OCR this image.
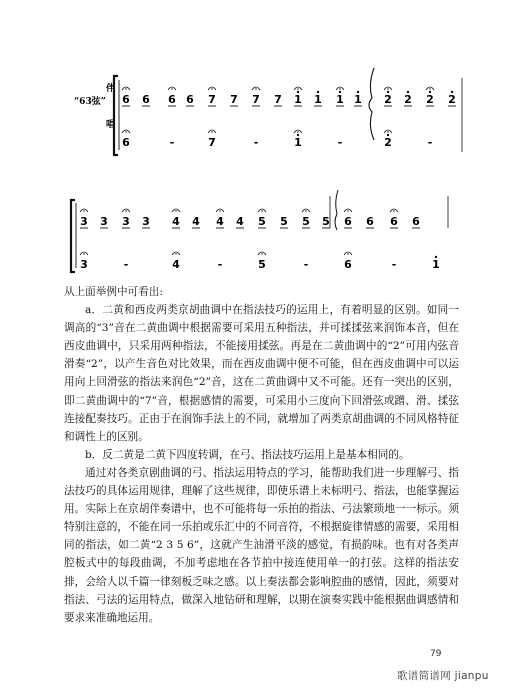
“63弦”
伴
唱
6 6 6 6 7 7 7 7 1 1 1 1 2 2 2 2
6	-	7	-	1	-	2	-
3 3 3 3 4 4 4 4 5 5 5 5 6 6 6 6
3	-	4	-	5	-	6	-	1

从上面举例中可看出:

a．二黄和西皮两类京胡曲调中在指法技巧的运用上，有着明显的区别。如同一调高的“3”音在二黄曲调中根据需要可采用五种指法，并可揉揉弦来润饰本音，但在西皮曲调中，只采用两种指法，不能接用揉弦。再是在二黄曲调中的“2”可用内弦音滑奏“2”，以产生音色对比效果，而在西皮曲调中便不可能，但在西皮曲调中可以运用向上回滑弦的指法来润色“2”音，这在二黄曲调中又不可能。还有一突出的区别，即二黄曲调中的“7”音，根据感情的需要，可采用小三度向下回滑弦或蹭、滑、揉弦连接配奏技巧。正由于在润饰手法上的不同，就增加了两类京胡曲调的不同风格特征和调性上的区别。

b．反二黄是二黄下四度转调，在弓、指法技巧运用上是基本相同的。

通过对各类京剧曲调的弓、指法运用特点的学习，能帮助我们进一步理解弓、指法技巧的具体运用规律，理解了这些规律，即使乐谱上未标明弓、指法，也能掌握运用。实际上在京胡伴奏谱中，也不可能将每一乐拍的指法、弓法繁琐地一一标示。须特别注意的，不能在同一乐拍或乐汇中的不同音符，不根据旋律情感的需要，采用相同的指法，如二黄“2 3 5 6”，这就产生油滑平淡的感觉，有损韵味。也有对各类声腔板式中的每段曲调，不加考虑地在各节拍中接连使用单一的打弦。这样的指法安排，会给人以千篇一律刻板乏味之感。以上奏法都会影响腔曲的感情，因此，须要对指法、弓法的运用特点，做深入地钻研和理解，以期在演奏实践中能根据曲调感情和要求来准确地运用。

79
歌谱简谱网 jianpu
